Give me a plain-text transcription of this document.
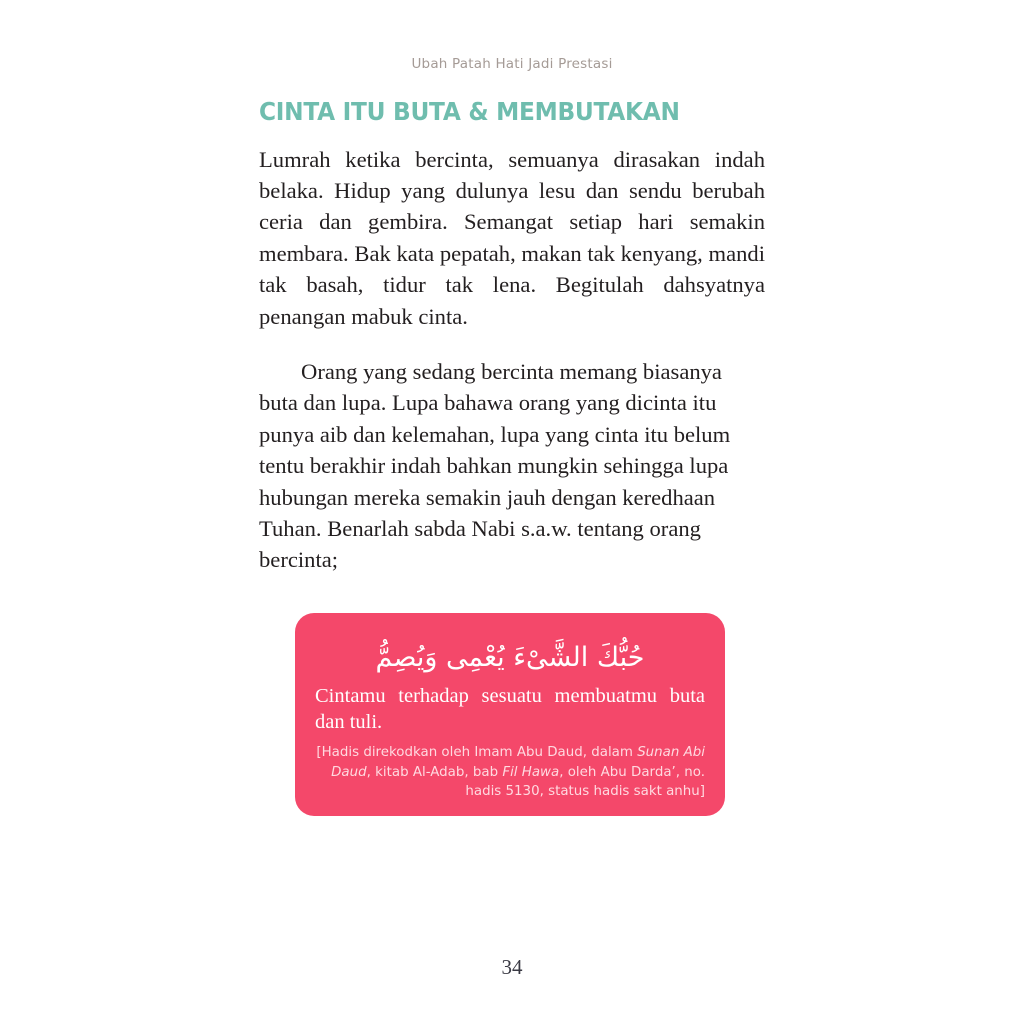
Ubah Patah Hati Jadi Prestasi
CINTA ITU BUTA & MEMBUTAKAN

Lumrah ketika bercinta, semuanya dirasakan indah belaka. Hidup yang dulunya lesu dan sendu berubah ceria dan gembira. Semangat setiap hari semakin membara. Bak kata pepatah, makan tak kenyang, mandi tak basah, tidur tak lena. Begitulah dahsyatnya penangan mabuk cinta.

Orang yang sedang bercinta memang biasanya buta dan lupa. Lupa bahawa orang yang dicinta itu punya aib dan kelemahan, lupa yang cinta itu belum tentu berakhir indah bahkan mungkin sehingga lupa hubungan mereka semakin jauh dengan keredhaan Tuhan. Benarlah sabda Nabi s.a.w. tentang orang bercinta;

حُبُّكَ الشَّىْءَ يُعْمِى وَيُصِمُّ
Cintamu terhadap sesuatu membuatmu buta dan tuli.
[Hadis direkodkan oleh Imam Abu Daud, dalam Sunan Abi Daud, kitab Al-Adab, bab Fil Hawa, oleh Abu Darda’, no. hadis 5130, status hadis sakt anhu]
34
